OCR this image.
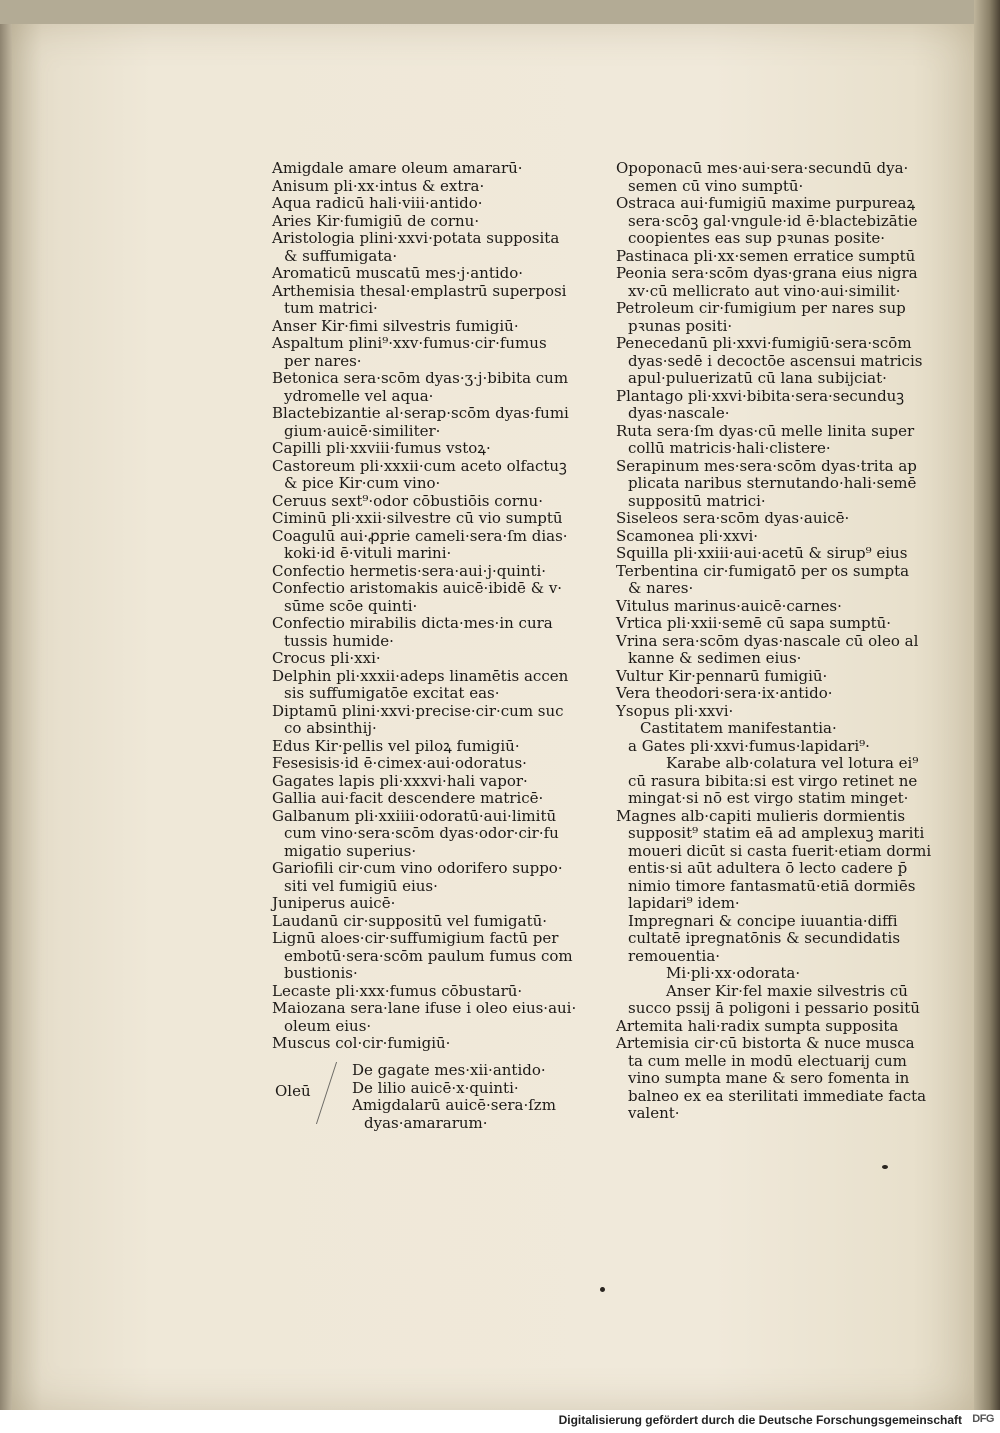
Amigdale amare oleum amararū·
Anisum pli·xx·intus & extra·
Aqua radicū hali·viii·antido·
Aries Kir·fumigiū de cornu·
Aristologia plini·xxvi·potata supposita
& suffumigata·
Aromaticū muscatū mes·j·antido·
Arthemisia thesal·emplastrū superposi
tum matrici·
Anser Kir·fimi silvestris fumigiū·
Aspaltum plini⁹·xxv·fumus·cir·fumus
per nares·
Betonica sera·scōm dyas·ʒ·j·bibita cum
ydromelle vel aqua·
Blactebizantie al·serap·scōm dyas·fumi
gium·auicē·similiter·
Capilli pli·xxviii·fumus vstoꝝ·
Castoreum pli·xxxii·cum aceto olfactuꝫ
& pice Kir·cum vino·
Ceruus sext⁹·odor cōbustiōis cornu·
Ciminū pli·xxii·silvestre cū vio sumptū
Coagulū aui·ꝓprie cameli·sera·ſm dias·
koki·id ē·vituli marini·
Confectio hermetis·sera·aui·j·quinti·
Confectio aristomakis auicē·ibidē & v·
sūme scōe quinti·
Confectio mirabilis dicta·mes·in cura
tussis humide·
Crocus pli·xxi·
Delphin pli·xxxii·adeps linamētis accen
sis suffumigatōe excitat eas·
Diptamū plini·xxvi·precise·cir·cum suc
co absinthij·
Edus Kir·pellis vel piloꝝ fumigiū·
Fesesisis·id ē·cimex·aui·odoratus·
Gagates lapis pli·xxxvi·hali vapor·
Gallia aui·facit descendere matricē·
Galbanum pli·xxiiii·odoratū·aui·limitū
cum vino·sera·scōm dyas·odor·cir·fu
migatio superius·
Gariofili cir·cum vino odorifero suppo·
siti vel fumigiū eius·
Juniperus auicē·
Laudanū cir·suppositū vel fumigatū·
Lignū aloes·cir·suffumigium factū per
embotū·sera·scōm paulum fumus com
bustionis·
Lecaste pli·xxx·fumus cōbustarū·
Maiozana sera·lane ifuse i oleo eius·aui·
oleum eius·
Muscus col·cir·fumigiū·
Oleū
De gagate mes·xii·antido·
De lilio auicē·x·quinti·
Amigdalarū auicē·sera·ſzm
dyas·amararum·
Opoponacū mes·aui·sera·secundū dya·
semen cū vino sumptū·
Ostraca aui·fumigiū maxime purpureaꝝ
sera·scōꝫ gal·vngule·id ē·blactebizātie
coopientes eas sup pꝛunas posite·
Pastinaca pli·xx·semen erratice sumptū
Peonia sera·scōm dyas·grana eius nigra
xv·cū mellicrato aut vino·aui·similit·
Petroleum cir·fumigium per nares sup
pꝛunas positi·
Penecedanū pli·xxvi·fumigiū·sera·scōm
dyas·sedē i decoctōe ascensui matricis
apul·puluerizatū cū lana subijciat·
Plantago pli·xxvi·bibita·sera·secunduꝫ
dyas·nascale·
Ruta sera·ſm dyas·cū melle linita super
collū matricis·hali·clistere·
Serapinum mes·sera·scōm dyas·trita ap
plicata naribus sternutando·hali·semē
suppositū matrici·
Siseleos sera·scōm dyas·auicē·
Scamonea pli·xxvi·
Squilla pli·xxiii·aui·acetū & sirup⁹ eius
Terbentina cir·fumigatō per os sumpta
& nares·
Vitulus marinus·auicē·carnes·
Vrtica pli·xxii·semē cū sapa sumptū·
Vrina sera·scōm dyas·nascale cū oleo al
kanne & sedimen eius·
Vultur Kir·pennarū fumigiū·
Vera theodori·sera·ix·antido·
Ysopus pli·xxvi·
Castitatem manifestantia·
a Gates pli·xxvi·fumus·lapidari⁹·
Karabe alb·colatura vel lotura ei⁹
cū rasura bibita:si est virgo retinet ne
mingat·si nō est virgo statim minget·
Magnes alb·capiti mulieris dormientis
supposit⁹ statim eā ad amplexuꝫ mariti
moueri dicūt si casta fuerit·etiam dormi
entis·si aūt adultera ō lecto cadere p̄
nimio timore fantasmatū·etiā dormiēs
lapidari⁹ idem·
Impregnari & concipe iuuantia·diffi
cultatē ipregnatōnis & secundidatis
remouentia·
Mi·pli·xx·odorata·
Anser Kir·fel maxie silvestris cū
succo pssij ā poligoni i pessario positū
Artemita hali·radix sumpta supposita
Artemisia cir·cū bistorta & nuce musca
ta cum melle in modū electuarij cum
vino sumpta mane & sero fomenta in
balneo ex ea sterilitati immediate facta
valent·
Digitalisierung gefördert durch die Deutsche Forschungsgemeinschaft DFG
